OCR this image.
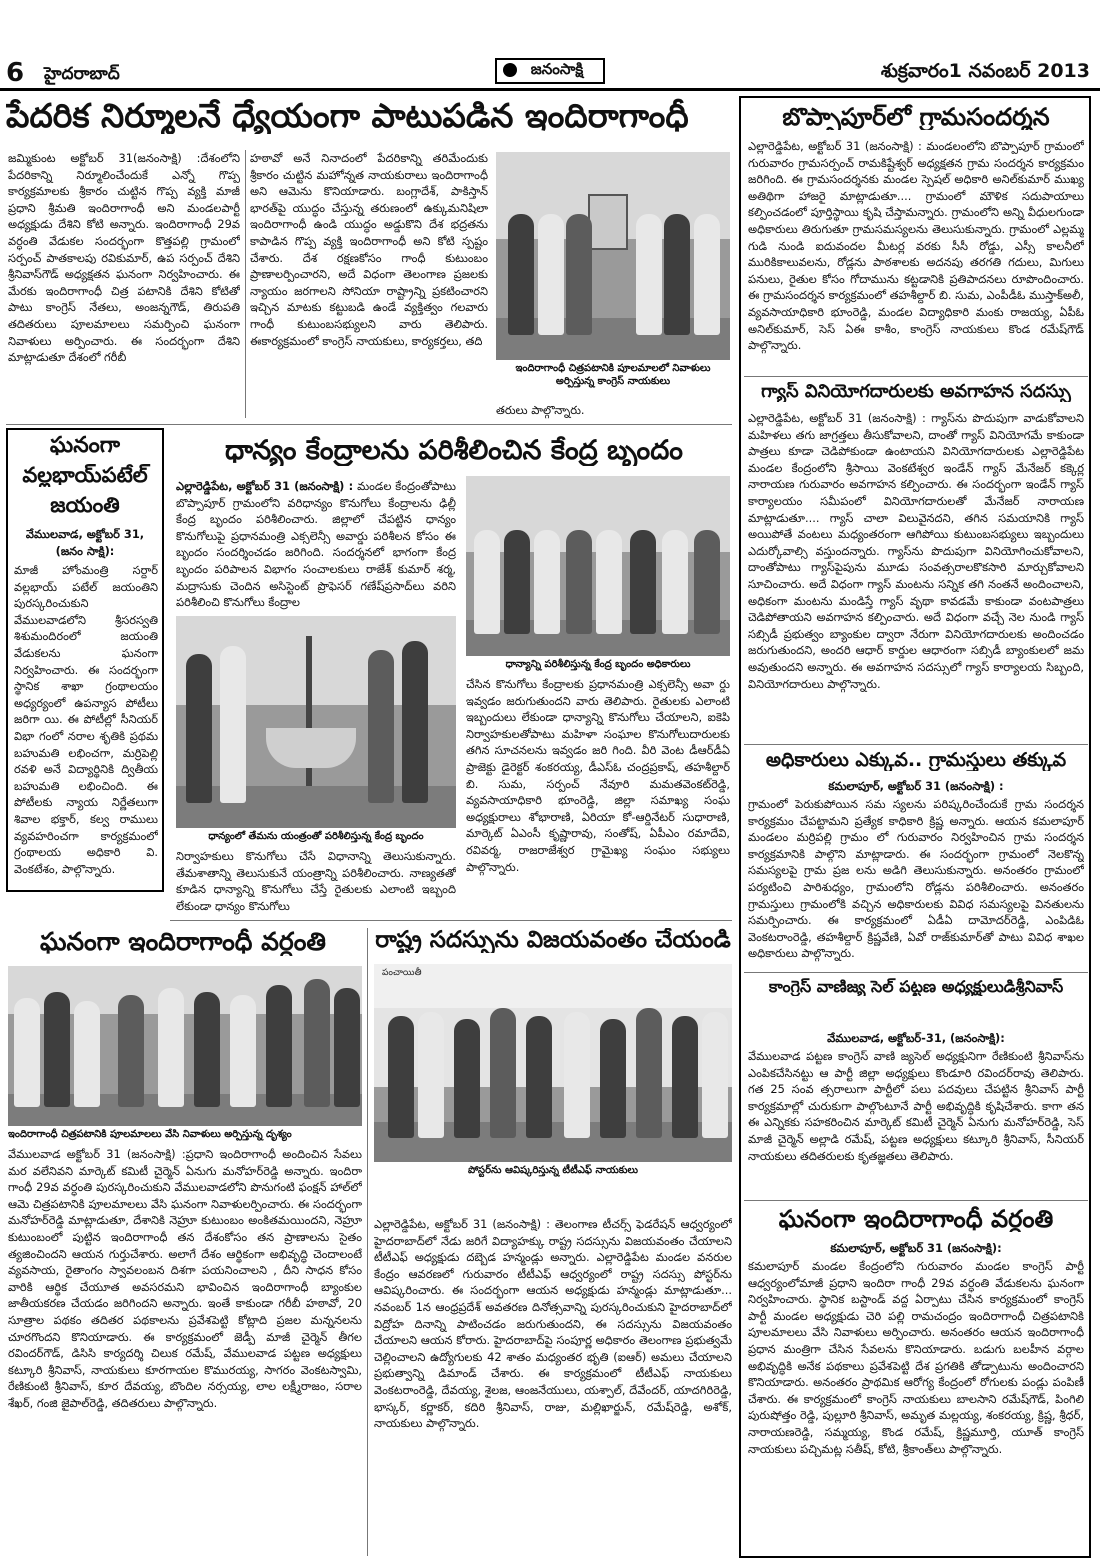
6 హైదరాబాద్	జనంసాక్షి	శుక్రవారం1 నవంబర్ 2013
పేదరిక నిర్మూలనే ధ్యేయంగా పాటుపడిన ఇందిరాగాంధీ
జమ్మికుంట అక్టోబర్ 31(జనంసాక్షి) :దేశంలోని పేదరికాన్ని నిర్మూలించేందుకే ఎన్నో గొప్ప కార్యక్రమాలకు శ్రీకారం చుట్టిన గొప్ప వ్యక్తి మాజీ ప్రధాని శ్రీమతి ఇందిరాగాంధీ అని మండలపార్టీ అధ్యక్షుడు దేశిని కోటి అన్నారు. ఇందిరాగాంధీ 29వ వర్ధంతి వేడుకల సందర్భంగా కొత్తపల్లి గ్రామంలో సర్పంచ్ పాతకాలపు రవికుమార్, ఉప సర్పంచ్ దేశిని శ్రీనివాస్‌గౌడ్ అధ్యక్షతన ఘనంగా నిర్వహించారు. ఈ మేరకు ఇందిరాగాంధీ చిత్ర పటానికి దేశిని కోటితో పాటు కాంగ్రెస్ నేతలు, అంజన్నగౌడ్, తిరుపతి తదితరులు పూలమాలలు సమర్పించి ఘనంగా నివాళులు అర్పించారు. ఈ సందర్భంగా దేశిని మాట్లాడుతూ దేశంలో గరీబీ
హఠావో అనే నినాదంలో పేదరికాన్ని తరిమేందుకు శ్రీకారం చుట్టిన మహోన్నత నాయకురాలు ఇందిరాగాంధీ అని ఆమెను కొనియాడారు. బంగ్లాదేశ్, పాకిస్తాన్ భారత్‌పై యుద్ధం చేస్తున్న తరుణంలో ఉక్కుమనిషిలా ఇందిరాగాంధీ ఉండి యుద్ధం అడ్డుకొని దేశ భద్రతను కాపాడిన గొప్ప వ్యక్తి ఇందిరాగాంధీ అని కోటి స్పష్టం చేశారు. దేశ రక్షణకోసం గాంధీ కుటుంబం ప్రాణాలర్పించారని, అదే విధంగా తెలంగాణ ప్రజలకు న్యాయం జరగాలని సోనియా రాష్ట్రాన్ని ప్రకటించారని ఇచ్చిన మాటకు కట్టుబడి ఉండే వ్యక్తిత్వం గలవారు గాంధీ కుటుంబసభ్యులని వారు తెలిపారు. ఈకార్యక్రమంలో కాంగ్రెస్ నాయకులు, కార్యకర్తలు, తది
తరులు పాల్గొన్నారు.
ఇందిరాగాంధీ చిత్రపటానికి పూలమాలలో నివాళులు అర్పిస్తున్న కాంగ్రెస్ నాయకులు
ఘనంగా
వల్లభాయ్‌పటేల్
జయంతి
వేములవాడ, అక్టోబర్ 31, (జనం సాక్షి):
మాజీ హోంమంత్రి సర్దార్ వల్లభాయ్ పటేల్ జయంతిని పురస్కరించుకుని వేములవాడలోని శ్రీసరస్వతి శిశుమందిరంలో జయంతి వేడుకలను ఘనంగా నిర్వహించారు. ఈ సందర్భంగా స్థానిక శాఖా గ్రంథాలయం అధ్యర్యంలో ఉపన్యాస పోటీలు జరిగా యి. ఈ పోటీల్లో సీనియర్ విభా గంలో నరాల శృతికి ప్రథమ బహుమతి లభించగా, మర్రిపెల్లి రవళి అనే విద్యార్థినికి ద్వితీయ బహుమతి లభించింది. ఈ పోటీలకు న్యాయ నిర్ణేతలుగా శివాల భక్తార్, కల్వ రాములు వ్యవహరించగా కార్యక్రమంలో గ్రంథాలయ అధికారి వి. వెంకటేశం, పాల్గొన్నారు.
ధాన్యం కేంద్రాలను పరిశీలించిన కేంద్ర బృందం
ఎల్లారెడ్డిపేట, అక్టోబర్ 31 (జనంసాక్షి) : మండల కేంద్రంతోపాటు బొప్పాపూర్ గ్రామంలోని వరిధాన్యం కొనుగోలు కేంద్రాలను ఢిల్లీ కేంద్ర బృందం పరిశీలించారు. జిల్లాలో చేపట్టిన ధాన్యం కొనుగోలుపై ప్రధానమంత్రి ఎక్సలెన్సీ అవార్డు పరిశీలన కోసం ఈ బృందం సందర్శించడం జరిగింది. సందర్శనలో భాగంగా కేంద్ర బృందం పరిపాలన విభాగం సంచాలకులు రాజేశ్ కుమార్ శర్మ, మద్రాసుకు చెందిన అసిస్టెంట్ ప్రొఫెసర్ గణేష్‌ప్రసాద్‌లు వరిని పరిశీలించి కొనుగోలు కేంద్రాల
ధాన్యంలో తేమను యంత్రంతో పరిశీలిస్తున్న కేంద్ర బృందం
నిర్వాహకులు కొనుగోలు చేసే విధానాన్ని తెలుసుకున్నారు. తేమశాతాన్ని తెలుసుకునే యంత్రాన్ని పరిశీలించారు. నాణ్యతతో కూడిన ధాన్యాన్ని కొనుగోలు చేస్తే రైతులకు ఎలాంటి ఇబ్బంది లేకుండా ధాన్యం కొనుగోలు
ధాన్యాన్ని పరిశీలిస్తున్న కేంద్ర బృందం అధికారులు
చేసిన కొనుగోలు కేంద్రాలకు ప్రధానమంత్రి ఎక్సలెన్సీ అవా ర్డు ఇవ్వడం జరుగుతుందని వారు తెలిపారు. రైతులకు ఎలాంటి ఇబ్బందులు లేకుండా ధాన్యాన్ని కొనుగోలు చేయాలని, ఐకెపి నిర్వాహకులతోపాటు మహిళా సంఘాల కొనుగోలుదారులకు తగిన సూచనలను ఇవ్వడం జరి గింది. వీరి వెంట డీఆర్‌డీఏ ప్రాజెక్టు డైరెక్టర్ శంకరయ్య, డీఎస్ఓ చంద్రప్రకాష్, తహశీల్దార్ బి. సుమ, సర్పంచ్ నేవూరి మమతవెంకట్‌రెడ్డి, వ్యవసాయాధికారి భూంరెడ్డి, జిల్లా సమాఖ్య సంఘ అధ్యక్షురాలు శోభారాణి, ఏరియా కో-ఆర్డినేటర్ సుధారాణి, మార్కెట్ ఏఎంసీ కృష్ణారావు, సంతోష్, ఏపీఎం రమాదేవి, రవివర్మ, రాజరాజేశ్వర గ్రామైఖ్య సంఘం సభ్యులు పాల్గొన్నారు.
ఘనంగా ఇందిరాగాంధీ వర్ధంతి
ఇందిరాగాంధీ చిత్రపటానికి పూలమాలలు వేసి నివాళులు అర్పిస్తున్న దృశ్యం
వేములవాడ అక్టోబర్ 31 (జనంసాక్షి) :ప్రధాని ఇందిరాగాంధీ అందించిన సేవలు మర వలేనివని మార్కెట్ కమిటీ చైర్మెన్ ఏనుగు మనోహర్‌రెడ్డి అన్నారు. ఇందిరా గాంధీ 29వ వర్ధంతి పురస్కరించుకుని వేములవాడలోని పొనుగంటి ఫంక్షన్ హాల్‌లో ఆమె చిత్రపటానికి పూలమాలలు వేసి ఘనంగా నివాళులర్పించారు. ఈ సందర్భంగా మనోహర్‌రెడ్డి మాట్లాడుతూ, దేశానికి నెహ్రూ కుటుంబం అంకితమయిందని, నెహ్రూ కుటుంబంలో పుట్టిన ఇందిరాగాంధీ తన దేశంకోసం తన ప్రాణాలను సైతం త్యజించిందని ఆయన గుర్తుచేశారు. అలాగే దేశం ఆర్థికంగా అభివృద్ధి చెందాలంటే వ్యవసాయ, రైతాంగం స్వావలంబన దిశగా పయనించాలని , దీని సాధన కోసం వారికి ఆర్థిక చేయూత అవసరమని భావించిన ఇందిరాగాంధీ బ్యాంకుల జాతీయకరణ చేయడం జరిగిందని అన్నారు. ఇంతే కాకుండా గరీబీ హఠావో, 20 సూత్రాల పథకం తదితర పథకాలను ప్రవేశపెట్టి కోట్లాది ప్రజల మన్ననలను చూరగొందని కొనియాడారు. ఈ కార్యక్రమంలో జెడ్పీ మాజీ చైర్మెన్ తీగల రవిందర్‌గౌడ్, డిసిసి కార్యదర్శి చిలుక రమేష్, వేములవాడ పట్టణ అధ్యక్షులు కట్కూరి శ్రీనివాస్, నాయకులు కూరగాయల కొమురయ్య, సాగరం వెంకటస్వామి, రేణికుంటి శ్రీనివాస్, కూర దేవయ్య, బొందిల నర్సయ్య, లాల లక్ష్మీరాజం, సరాల శేఖర్, గంజి జైపాల్‌రెడ్డి, తదితరులు పాల్గొన్నారు.
రాష్ట్ర సదస్సును విజయవంతం చేయండి
పంచాయితీ
పోస్టర్‌ను ఆవిష్కరిస్తున్న టీటీఎఫ్ నాయకులు
ఎల్లారెడ్డిపేట, అక్టోబర్ 31 (జనంసాక్షి) : తెలంగాణ టీచర్స్ ఫెడరేషన్ ఆధ్వర్యంలో హైదరాబాద్‌లో నేడు జరిగే విద్యాహక్కు రాష్ట్ర సదస్సును విజయవంతం చేయాలని టీటీఎఫ్ అధ్యక్షుడు దబ్బెడ హన్మండ్లు అన్నారు. ఎల్లారెడ్డిపేట మండల వనరుల కేంద్రం ఆవరణలో గురువారం టీటీఎఫ్ ఆధ్వర్యంలో రాష్ట్ర సదస్సు పోస్టర్‌ను ఆవిష్కరించారు. ఈ సందర్భంగా ఆయన అధ్యక్షుడు హన్మండ్లు మాట్లాడుతూ... నవంబర్ 1న ఆంధ్రప్రదేశ్ అవతరణ దినోత్సవాన్ని పురస్కరించుకుని హైదరాబాద్‌లో విద్రోహ దినాన్ని పాటించడం జరుగుతుందని, ఈ సదస్సును విజయవంతం చేయాలని ఆయన కోరారు. హైదరాబాద్‌పై సంపూర్ణ అధికారం తెలంగాణ ప్రభుత్వమే చెల్లించాలని ఉద్యోగులకు 42 శాతం మధ్యంతర భృతి (ఐఆర్) అమలు చేయాలని ప్రభుత్వాన్ని డిమాండ్ చేశారు. ఈ కార్యక్రమంలో టీటీఎఫ్ నాయకులు వెంకటరాంరెడ్డి, దేవయ్య, శైలజ, ఆంజనేయులు, యశ్పాల్, దేవేందర్, యాదగిరిరెడ్డి, భాస్కర్, కర్ణాకర్, కదిరి శ్రీనివాస్, రాజు, మల్లిఖార్జున్, రమేష్‌రెడ్డి, అశోక్, నాయకులు పాల్గొన్నారు.
బొప్పాపూర్‌లో గ్రామసందర్శన
ఎల్లారెడ్డిపేట, అక్టోబర్ 31 (జనంసాక్షి) : మండలంలోని బొప్పాపూర్ గ్రామంలో గురువారం గ్రామసర్పంచ్ రామకిష్టేశ్వర్ అధ్యక్షతన గ్రామ సందర్శన కార్యక్రమం జరిగింది. ఈ గ్రామసందర్శనకు మండల స్పెషల్ అధికారి అనిల్‌కుమార్ ముఖ్య అతిథిగా హాజరై మాట్లాడుతూ.... గ్రామంలో మౌళిక సదుపాయాలు కల్పించడంలో పూర్తిస్థాయి కృషి చేస్తామన్నారు. గ్రామంలోని అన్ని వీధులగుండా అధికారులు తిరుగుతూ గ్రామసమస్యలను తెలుసుకున్నారు. గ్రామంలో ఎల్లమ్మ గుడి నుండి ఐదువందల మీటర్ల వరకు సీసీ రోడ్డు, ఎస్సీ కాలనీలో మురికికాలువలను, రోడ్లను పాఠశాలకు అదనపు తరగతి గదులు, మిగులు పనులు, రైతుల కోసం గోదామును కట్టడానికి ప్రతిపాదనలు రూపొందించారు. ఈ గ్రామసందర్శన కార్యక్రమంలో తహశీల్దార్ బి. సుమ, ఎంపీడీఓ ముస్తాక్‌అలీ, వ్యవసాయాధికారి భూంరెడ్డి, మండల విద్యాధికారి మంకు రాజయ్య, ఏపీఓ అనిల్‌కుమార్, సెస్ ఏఈ కాశీం, కాంగ్రెస్ నాయకులు కొండ రమేష్‌గౌడ్ పాల్గొన్నారు.
గ్యాస్ వినియోగదారులకు అవగాహన సదస్సు
ఎల్లారెడ్డిపేట, అక్టోబర్ 31 (జనంసాక్షి) : గ్యాస్‌ను పొదుపుగా వాడుకోవాలని మహిళలు తగు జాగ్రత్తలు తీసుకోవాలని, దాంతో గ్యాస్ వినియోగమే కాకుండా పాత్రలు కూడా చెడిపోకుండా ఉంటాయని వినియోగదారులకు ఎల్లారెడ్డిపేట మండల కేంద్రంలోని శ్రీసాయి వెంకటేశ్వర ఇండేన్ గ్యాస్ మేనేజర్ కక్కెర్ల నారాయణ గురువారం అవగాహన కల్పించారు. ఈ సందర్భంగా ఇండేన్ గ్యాస్ కార్యాలయం సమీపంలో వినియోగదారులతో మేనేజర్ నారాయణ మాట్లాడుతూ.... గ్యాస్ చాలా విలువైనదని, తగిన సమయానికి గ్యాస్ అయిపోతే వంటలు మధ్యంతరంగా ఆగిపోయి కుటుంబసభ్యులు ఇబ్బందులు ఎదుర్కోవాల్సి వస్తుందన్నారు. గ్యాస్‌ను పొదుపుగా వినియోగించుకోవాలని, దాంతోపాటు గ్యాస్‌పైపును మూడు సంవత్సరాలకొకసారి మార్చుకోవాలని సూచించారు. అదే విధంగా గ్యాస్ మంటను సన్నిక తగి నంతనే అందించాలని, అధికంగా మంటను మండిస్తే గ్యాస్ వృథా కావడమే కాకుండా వంటపాత్రలు చెడిపోతాయని అవగాహన కల్పించారు. అదే విధంగా వచ్చే నెల నుండి గ్యాస్ సబ్సిడీ ప్రభుత్వం బ్యాంకుల ద్వారా నేరుగా వినియోగదారులకు అందించడం జరుగుతుందని, అందరి ఆధార్ కార్డుల ఆధారంగా సబ్సిడీ బ్యాంకులలో జమ అవుతుందని అన్నారు. ఈ అవగాహన సదస్సులో గ్యాస్ కార్యాలయ సిబ్బంది, వినియోగదారులు పాల్గొన్నారు.
అధికారులు ఎక్కువ.. గ్రామస్తులు తక్కువ
కమలాపూర్, అక్టోబర్ 31 (జనంసాక్షి) :
గ్రామంలో పెరుకుపోయిన సమ స్యలను పరిష్కరించేందుకే గ్రామ సందర్శన కార్యక్రమం చేపట్టామని ప్రత్యేక కాధికారి క్రిష్ణ అన్నారు. ఆయన కమలాపూర్ మండలం మర్రిపల్లి గ్రామం లో గురువారం నిర్వహించిన గ్రామ సందర్శన కార్యక్రమానికి పాల్గొని మాట్లాడారు. ఈ సందర్భంగా గ్రామంలో నెలకొన్న సమస్యలపై గ్రామ ప్రజ లను అడిగి తెలుసుకున్నారు. అనంతరం గ్రామంలో పర్యటించి పారిశుధ్యం, గ్రామంలోని రోడ్లను పరిశీలించారు. అనంతరం గ్రామస్తులు గ్రామంలోకి వచ్చిన అధికారులకు వివిధ సమస్యలపై వినతులను సమర్పించారు. ఈ కార్యక్రమంలో ఏడీఏ దామోదర్‌రెడ్డి, ఎంపిడిఓ వెంకటరాంరెడ్డి, తహశీల్దార్ క్రిష్ణవేణి, ఏవో రాజ్‌కుమార్‌తో పాటు వివిధ శాఖల అధికారులు పాల్గొన్నారు.
కాంగ్రెస్ వాణిజ్య సెల్ పట్టణ అధ్యక్షులుడిశ్రీనివాస్
వేములవాడ, అక్టోబర్-31, (జనంసాక్షి):
వేములవాడ పట్టణ కాంగ్రెస్ వాణి జ్యసెల్ అధ్యక్షునిగా రేణికుంటి శ్రీనివాస్‌ను ఎంపికచేసినట్టు ఆ పార్టీ జిల్లా అధ్యక్షులు కొండూరి రవిందర్‌రావు తెలిపారు. గత 25 సంవ త్సరాలుగా పార్టీలో పలు పదవులు చేపట్టిన శ్రీనివాస్ పార్టీ కార్యక్రమాల్లో చురుకుగా పాల్గొంటూనే పార్టీ అభివృద్ధికి కృషిచేశారు. కాగా తన ఈ ఎన్నికకు సహకరించిన మార్కెట్ కమిటీ చైర్మెన్ ఏనుగు మనోహర్‌రెడ్డి, సెస్ మాజీ చైర్మెన్ అల్లాడి రమేష్, పట్టణ అధ్యక్షులు కట్కూరి శ్రీనివాస్, సీనియర్ నాయకులు తదితరులకు కృతజ్ఞతలు తెలిపారు.
ఘనంగా ఇందిరాగాంధీ వర్ధంతి
కమలాపూర్, అక్టోబర్ 31 (జనంసాక్షి):
కమలాపూర్ మండల కేంద్రంలోని గురువారం మండల కాంగ్రెస్ పార్టీ ఆధ్వర్యంలోమాజీ ప్రధాని ఇందిరా గాంధీ 29వ వర్ధంతి వేడుకలను ఘనంగా నిర్వహించారు. స్థానిక బస్టాండ్ వద్ద ఏర్పాటు చేసిన కార్యక్రమంలో కాంగ్రెస్ పార్టీ మండల అధ్యక్షుడు చెరి పల్లి రామచంద్రం ఇందిరాగాంధీ చిత్రపటానికి పూలమాలలు వేసి నివాళులు అర్పించారు. అనంతరం ఆయన ఇందిరాగాంధీ ప్రధాన మంత్రిగా చేసిన సేవలను కొనియాడారు. బడుగు బలహీన వర్గాల అభివృద్ధికి అనేక పథకాలు ప్రవేశపెట్టి దేశ ప్రగతికి తోడ్పాటును అందించారని కొనియాడారు. అనంతరం ప్రాథమిక ఆరోగ్య కేంద్రంలో రోగులకు పండ్లు పంపిణీ చేశారు. ఈ కార్యక్రమంలో కాంగ్రెస్ నాయకులు బాలసాని రమేష్‌గౌడ్, పింగిలి పురుషోత్తం రెడ్డి, పుల్లూరి శ్రీనివాస్, అమృత మల్లయ్య, శంకరయ్య, క్రిష్ణ, శ్రీధర్, నారాయణరెడ్డి, సమ్మయ్య, కొండ రమేష్, క్రిష్ణమూర్తి, యూత్ కాంగ్రెస్ నాయకులు పచ్చిమట్ల సతీష్, కోటి, శ్రీకాంత్‌లు పాల్గొన్నారు.
